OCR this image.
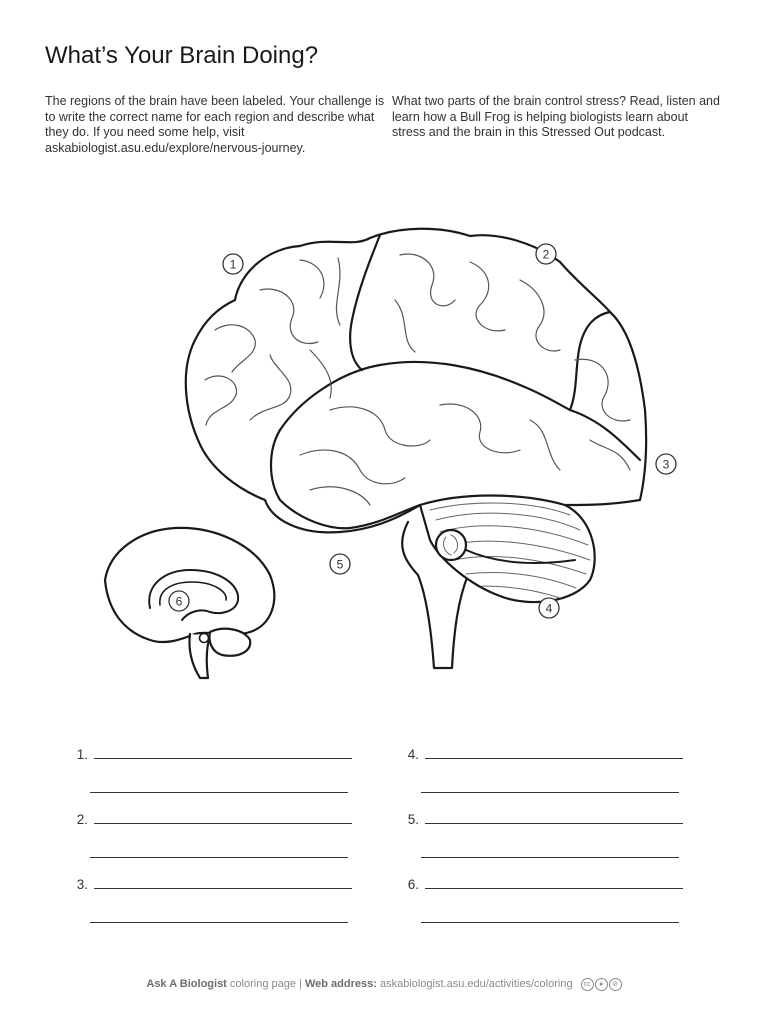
What’s Your Brain Doing?

The regions of the brain have been labeled. Your challenge is to write the correct name for each region and describe what they do. If you need some help, visit askabiologist.asu.edu/explore/nervous-journey.

What two parts of the brain control stress? Read, listen and learn how a Bull Frog is helping biologists learn about stress and the brain in this Stressed Out podcast.

1
2
3
4
5
6
1.
2.
3.
4.
5.
6.
Ask A Biologist coloring page | Web address: askabiologist.asu.edu/activities/coloring cc ● ⊘
